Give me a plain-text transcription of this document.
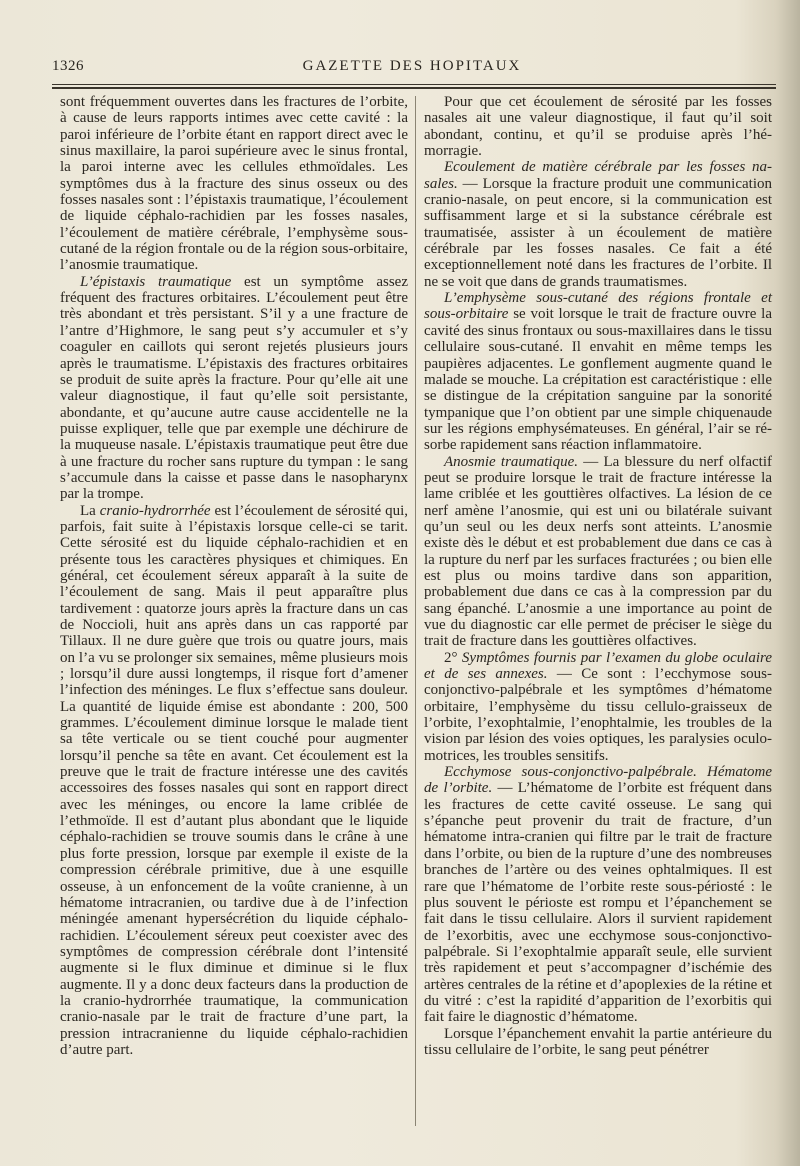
1326	GAZETTE DES HOPITAUX

sont fréquemment ouvertes dans les fractures de l’orbite, à cause de leurs rapports intimes avec cette cavité : la paroi inférieure de l’orbite étant en rapport direct avec le sinus maxillaire, la paroi supérieure avec le sinus frontal, la paroi interne avec les cellules ethmoïdales. Les symptômes dus à la fracture des sinus osseux ou des fosses nasales sont : l’épistaxis traumatique, l’écoulement de liquide céphalo-rachidien par les fosses nasales, l’écoulement de matière cérébrale, l’emphysème sous-cutané de la région frontale ou de la région sous-orbitaire, l’anosmie traumatique.

L’épistaxis traumatique est un symptôme assez fréquent des fractures orbitaires. L’écoulement peut être très abondant et très persistant. S’il y a une fracture de l’antre d’Highmore, le sang peut s’y accumuler et s’y coaguler en caillots qui seront rejetés plusieurs jours après le traumatisme. L’épistaxis des fractures orbitaires se produit de suite après la fracture. Pour qu’elle ait une valeur diagnostique, il faut qu’elle soit persistante, abondante, et qu’aucune autre cause accidentelle ne la puisse expliquer, telle que par exemple une déchirure de la muqueuse nasale. L’épistaxis traumatique peut être due à une fracture du rocher sans rupture du tympan : le sang s’accumule dans la caisse et passe dans le nasopharynx par la trompe.

La cranio-hydrorrhée est l’écoulement de sérosité qui, parfois, fait suite à l’épistaxis lorsque celle-ci se tarit. Cette sérosité est du liquide céphalo-rachidien et en présente tous les caractères physiques et chimiques. En général, cet écoulement séreux apparaît à la suite de l’écoulement de sang. Mais il peut apparaître plus tardivement : quatorze jours après la fracture dans un cas de Noccioli, huit ans après dans un cas rapporté par Tillaux. Il ne dure guère que trois ou quatre jours, mais on l’a vu se prolonger six semaines, même plusieurs mois ; lorsqu’il dure aussi longtemps, il risque fort d’amener l’infection des méninges. Le flux s’effectue sans douleur. La quantité de liquide émise est abondante : 200, 500 grammes. L’écoulement diminue lorsque le malade tient sa tête verticale ou se tient couché pour augmenter lorsqu’il penche sa tête en avant. Cet écoulement est la preuve que le trait de fracture intéresse une des cavités accessoires des fosses nasales qui sont en rapport direct avec les méninges, ou encore la lame criblée de l’ethmoïde. Il est d’autant plus abondant que le liquide céphalo-rachidien se trouve soumis dans le crâne à une plus forte pression, lorsque par exemple il existe de la compression cérébrale primitive, due à une esquille osseuse, à un enfoncement de la voûte cranienne, à un hématome intracranien, ou tardive due à de l’infection méningée amenant hypersécrétion du liquide céphalo-rachidien. L’écoulement séreux peut coexister avec des symptômes de compression cérébrale dont l’intensité augmente si le flux diminue et diminue si le flux augmente. Il y a donc deux facteurs dans la production de la cranio-hydrorrhée traumatique, la communication cranio-nasale par le trait de fracture d’une part, la pression intracranienne du liquide céphalo-rachidien d’autre part.

Pour que cet écoulement de sérosité par les fosses nasales ait une valeur diagnostique, il faut qu’il soit abondant, continu, et qu’il se produise après l’hémorragie.

Ecoulement de matière cérébrale par les fosses nasales. — Lorsque la fracture produit une communication cranio-nasale, on peut encore, si la communication est suffisamment large et si la substance cérébrale est traumatisée, assister à un écoulement de matière cérébrale par les fosses nasales. Ce fait a été exceptionnellement noté dans les fractures de l’orbite. Il ne se voit que dans de grands traumatismes.

L’emphysème sous-cutané des régions frontale et sous-orbitaire se voit lorsque le trait de fracture ouvre la cavité des sinus frontaux ou sous-maxillaires dans le tissu cellulaire sous-cutané. Il envahit en même temps les paupières adjacentes. Le gonflement augmente quand le malade se mouche. La crépitation est caractéristique : elle se distingue de la crépitation sanguine par la sonorité tympanique que l’on obtient par une simple chiquenaude sur les régions emphysémateuses. En général, l’air se résorbe rapidement sans réaction inflammatoire.

Anosmie traumatique. — La blessure du nerf olfactif peut se produire lorsque le trait de fracture intéresse la lame criblée et les gouttières olfactives. La lésion de ce nerf amène l’anosmie, qui est uni ou bilatérale suivant qu’un seul ou les deux nerfs sont atteints. L’anosmie existe dès le début et est probablement due dans ce cas à la rupture du nerf par les surfaces fracturées ; ou bien elle est plus ou moins tardive dans son apparition, probablement due dans ce cas à la compression par du sang épanché. L’anosmie a une importance au point de vue du diagnostic car elle permet de préciser le siège du trait de fracture dans les gouttières olfactives.

2° Symptômes fournis par l’examen du globe oculaire et de ses annexes. — Ce sont : l’ecchymose sous-conjonctivo-palpébrale et les symptômes d’hématome orbitaire, l’emphysème du tissu cellulo-graisseux de l’orbite, l’exophtalmie, l’enophtalmie, les troubles de la vision par lésion des voies optiques, les paralysies oculo-motrices, les troubles sensitifs.

Ecchymose sous-conjonctivo-palpébrale. Hématome de l’orbite. — L’hématome de l’orbite est fréquent dans les fractures de cette cavité osseuse. Le sang qui s’épanche peut provenir du trait de fracture, d’un hématome intra-cranien qui filtre par le trait de fracture dans l’orbite, ou bien de la rupture d’une des nombreuses branches de l’artère ou des veines ophtalmiques. Il est rare que l’hématome de l’orbite reste sous-périosté : le plus souvent le périoste est rompu et l’épanchement se fait dans le tissu cellulaire. Alors il survient rapidement de l’exorbitis, avec une ecchymose sous-conjonctivo-palpébrale. Si l’exophtalmie apparaît seule, elle survient très rapidement et peut s’accompagner d’ischémie des artères centrales de la rétine et d’apoplexies de la rétine et du vitré : c’est la rapidité d’apparition de l’exorbitis qui fait faire le diagnostic d’hématome.

Lorsque l’épanchement envahit la partie antérieure du tissu cellulaire de l’orbite, le sang peut pénétrer
